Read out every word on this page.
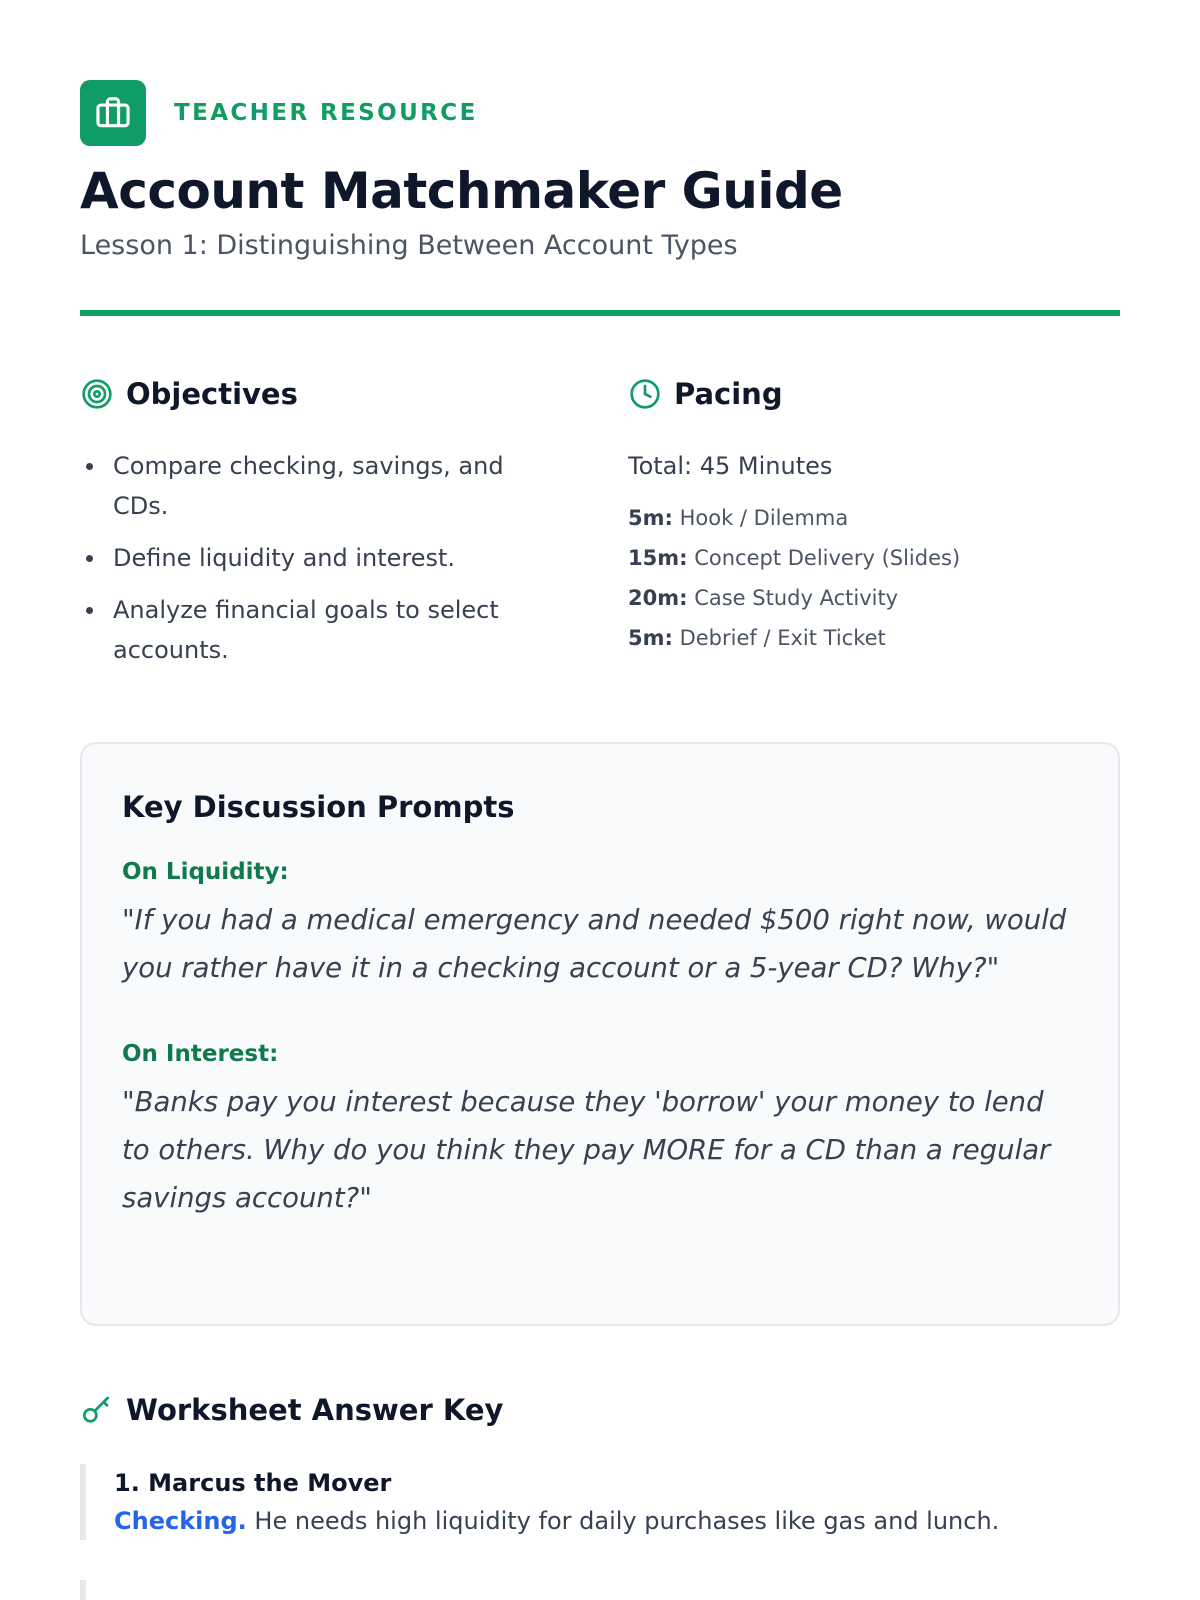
TEACHER RESOURCE
Account Matchmaker Guide
Lesson 1: Distinguishing Between Account Types
Objectives
Compare checking, savings, and CDs.
Define liquidity and interest.
Analyze financial goals to select accounts.
Pacing
Total: 45 Minutes
5m: Hook / Dilemma
15m: Concept Delivery (Slides)
20m: Case Study Activity
5m: Debrief / Exit Ticket
Key Discussion Prompts
On Liquidity:

"If you had a medical emergency and needed $500 right now, would you rather have it in a checking account or a 5-year CD? Why?"

On Interest:

"Banks pay you interest because they 'borrow' your money to lend to others. Why do you think they pay MORE for a CD than a regular savings account?"

Worksheet Answer Key
1. Marcus the Mover
Checking. He needs high liquidity for daily purchases like gas and lunch.
